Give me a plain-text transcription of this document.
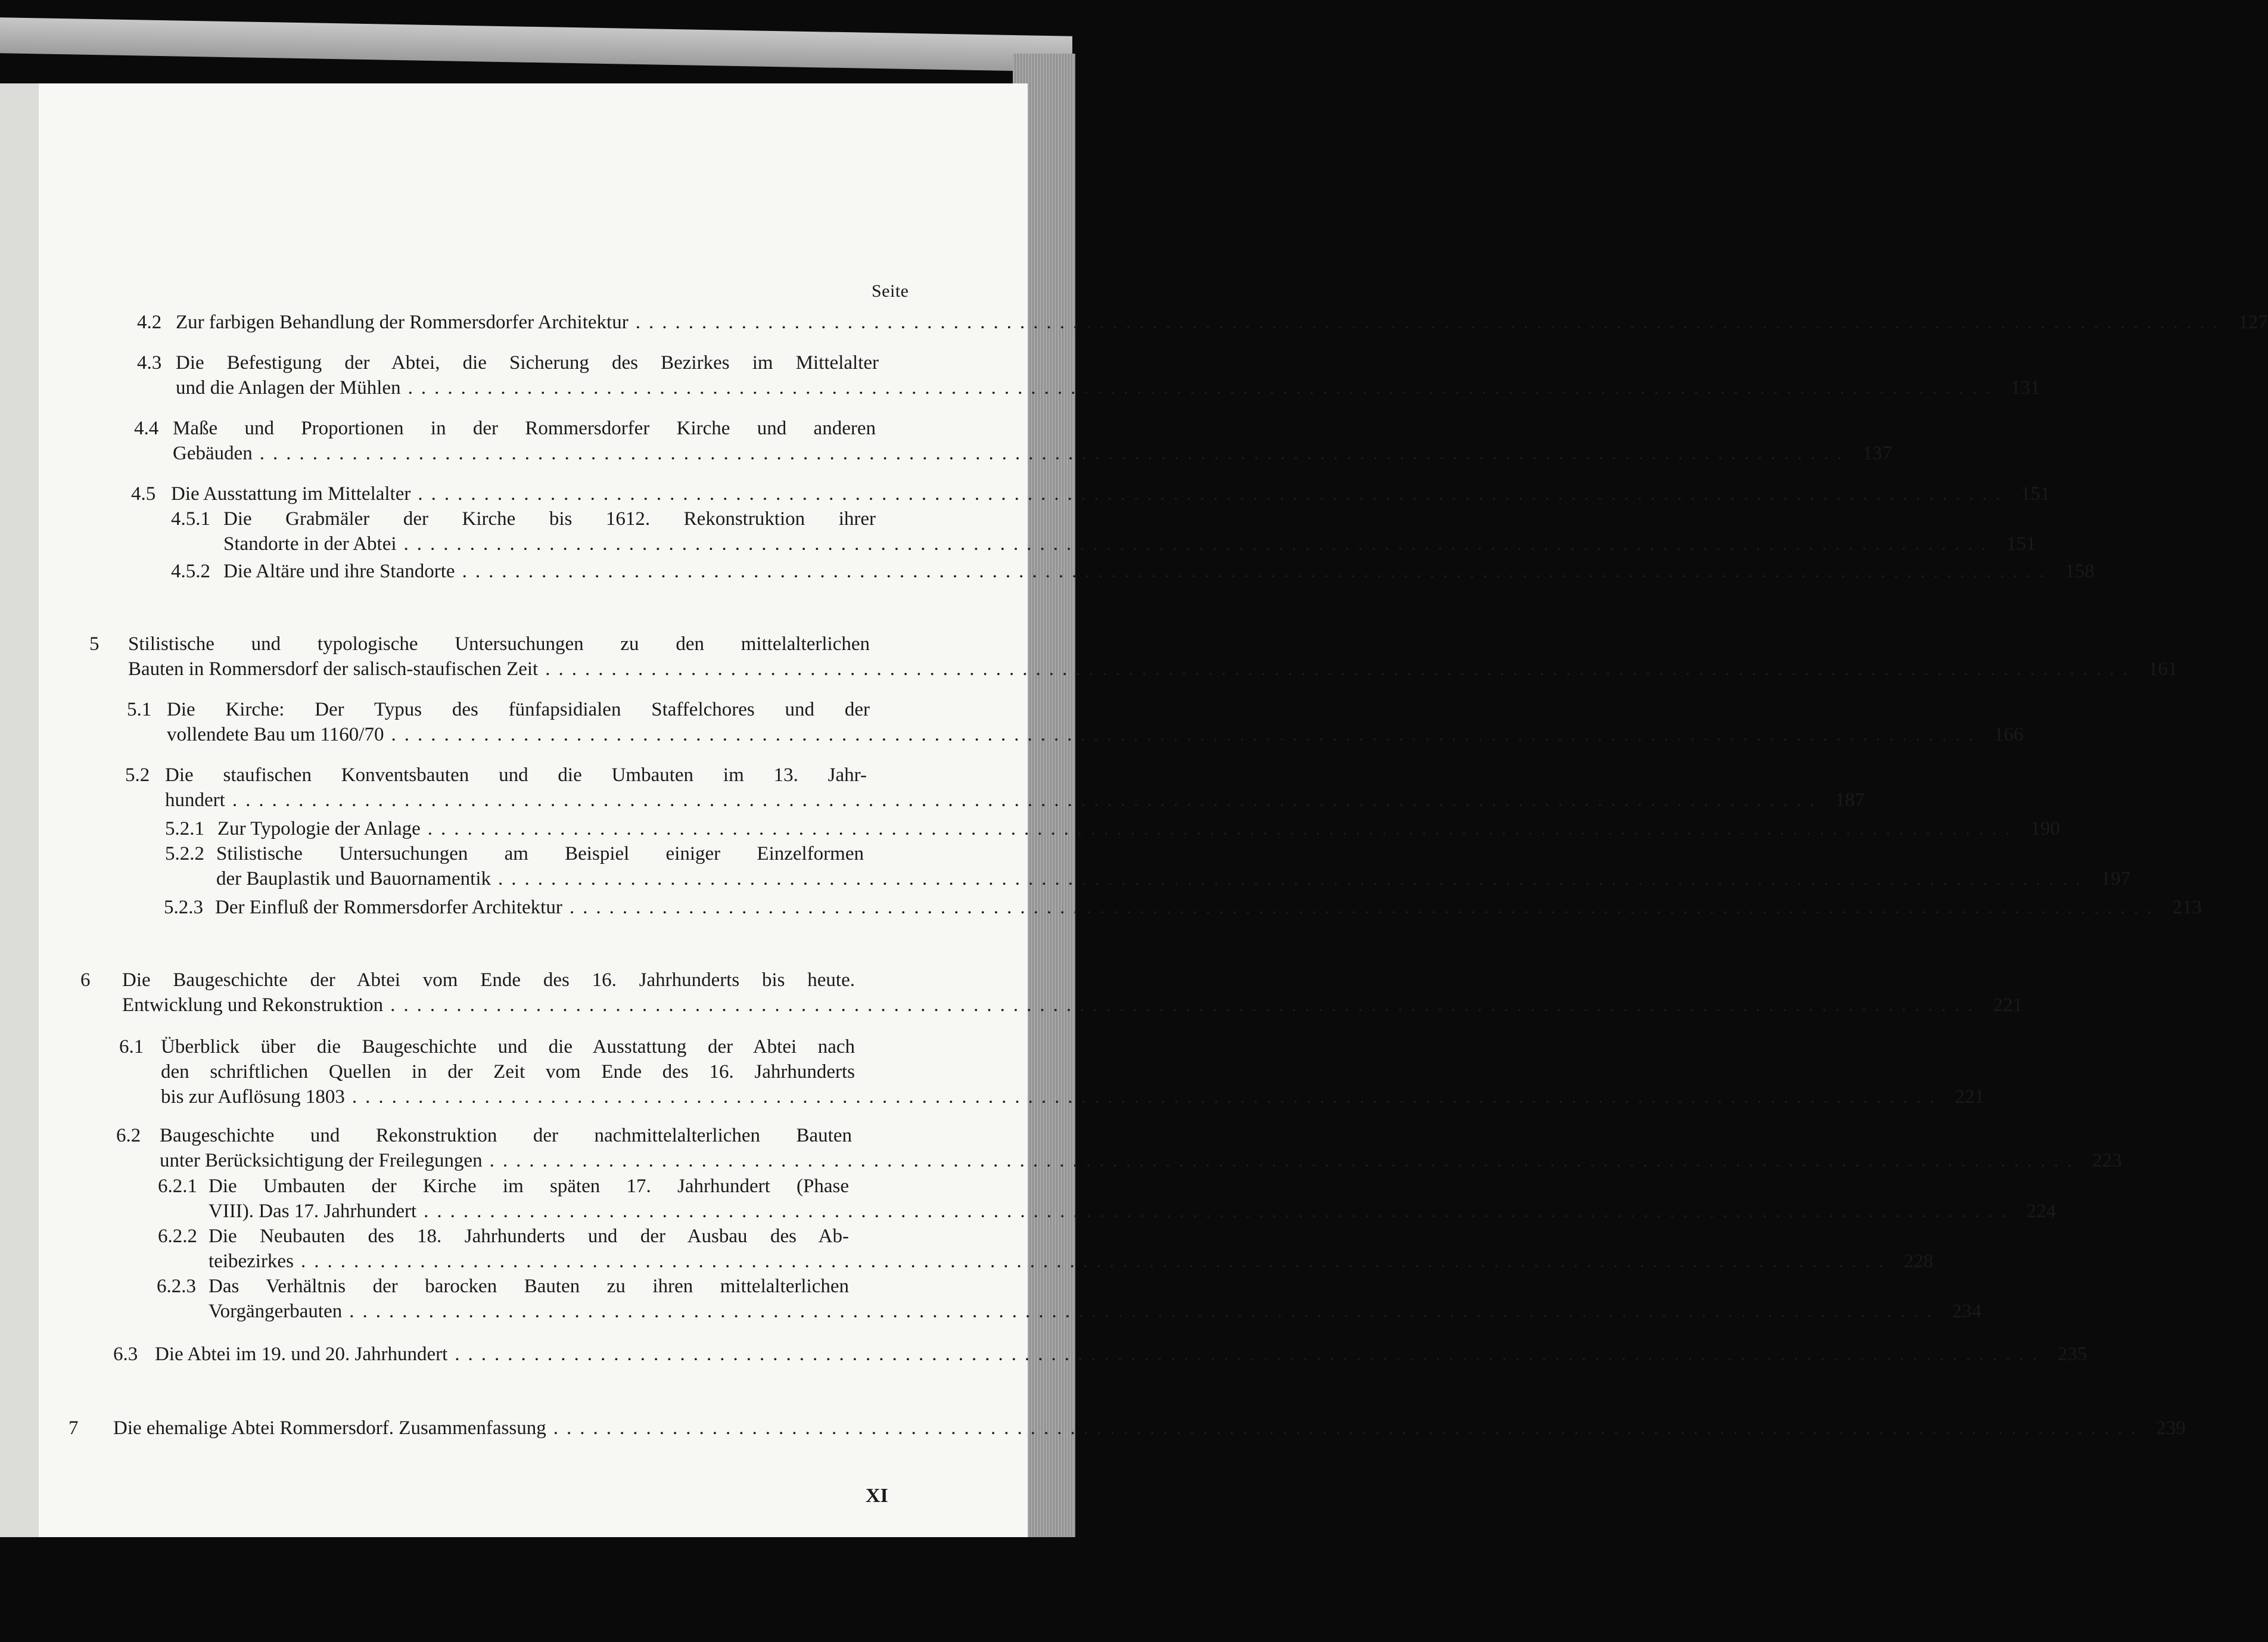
Seite
4.2 Zur farbigen Behandlung der Rommersdorfer Architektur ........................................................................................................................ 127
4.3 Die Befestigung der Abtei, die Sicherung des Bezirkes im Mittelalter
und die Anlagen der Mühlen ........................................................................................................................ 131
4.4 Maße und Proportionen in der Rommersdorfer Kirche und anderen
Gebäuden ........................................................................................................................ 137
4.5 Die Ausstattung im Mittelalter ........................................................................................................................ 151
4.5.1 Die Grabmäler der Kirche bis 1612. Rekonstruktion ihrer
Standorte in der Abtei ........................................................................................................................ 151
4.5.2 Die Altäre und ihre Standorte ........................................................................................................................ 158
5 Stilistische und typologische Untersuchungen zu den mittelalterlichen
Bauten in Rommersdorf der salisch-staufischen Zeit ........................................................................................................................ 161
5.1 Die Kirche: Der Typus des fünfapsidialen Staffelchores und der
vollendete Bau um 1160/70 ........................................................................................................................ 166
5.2 Die staufischen Konventsbauten und die Umbauten im 13. Jahr-
hundert ........................................................................................................................ 187
5.2.1 Zur Typologie der Anlage ........................................................................................................................ 190
5.2.2 Stilistische Untersuchungen am Beispiel einiger Einzelformen
der Bauplastik und Bauornamentik ........................................................................................................................ 197
5.2.3 Der Einfluß der Rommersdorfer Architektur ........................................................................................................................ 213
6 Die Baugeschichte der Abtei vom Ende des 16. Jahrhunderts bis heute.
Entwicklung und Rekonstruktion ........................................................................................................................ 221
6.1 Überblick über die Baugeschichte und die Ausstattung der Abtei nach
den schriftlichen Quellen in der Zeit vom Ende des 16. Jahrhunderts
bis zur Auflösung 1803 ........................................................................................................................ 221
6.2 Baugeschichte und Rekonstruktion der nachmittelalterlichen Bauten
unter Berücksichtigung der Freilegungen ........................................................................................................................ 223
6.2.1 Die Umbauten der Kirche im späten 17. Jahrhundert (Phase
VIII). Das 17. Jahrhundert ........................................................................................................................ 224
6.2.2 Die Neubauten des 18. Jahrhunderts und der Ausbau des Ab-
teibezirkes ........................................................................................................................ 228
6.2.3 Das Verhältnis der barocken Bauten zu ihren mittelalterlichen
Vorgängerbauten ........................................................................................................................ 234
6.3 Die Abtei im 19. und 20. Jahrhundert ........................................................................................................................ 235
7 Die ehemalige Abtei Rommersdorf. Zusammenfassung ........................................................................................................................ 239
XI
